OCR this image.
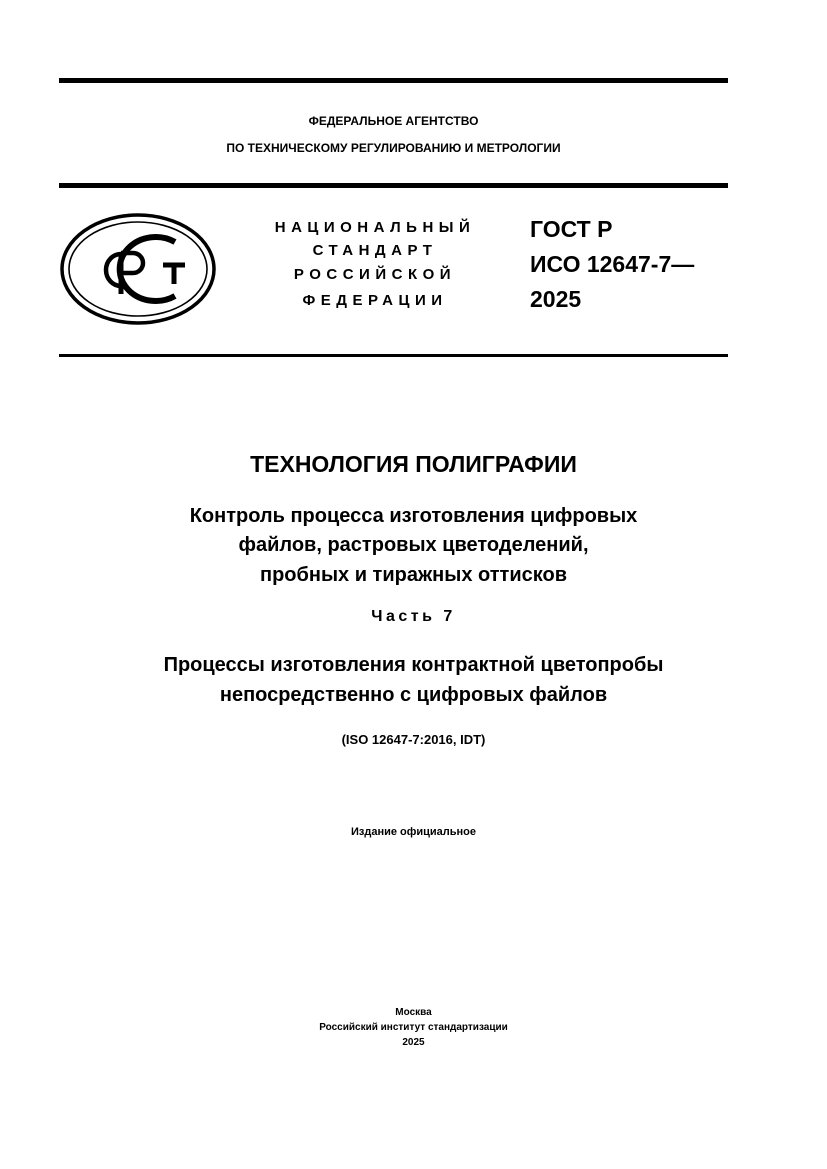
ФЕДЕРАЛЬНОЕ АГЕНТСТВО
ПО ТЕХНИЧЕСКОМУ РЕГУЛИРОВАНИЮ И МЕТРОЛОГИИ
НАЦИОНАЛЬНЫЙ
СТАНДАРТ
РОССИЙСКОЙ
ФЕДЕРАЦИИ
ГОСТ Р
ИСО 12647-7—
2025
ТЕХНОЛОГИЯ ПОЛИГРАФИИ
Контроль процесса изготовления цифровых
файлов, растровых цветоделений,
пробных и тиражных оттисков
Часть 7
Процессы изготовления контрактной цветопробы
непосредственно с цифровых файлов
(ISO 12647-7:2016, IDT)
Издание официальное
Москва
Российский институт стандартизации
2025
